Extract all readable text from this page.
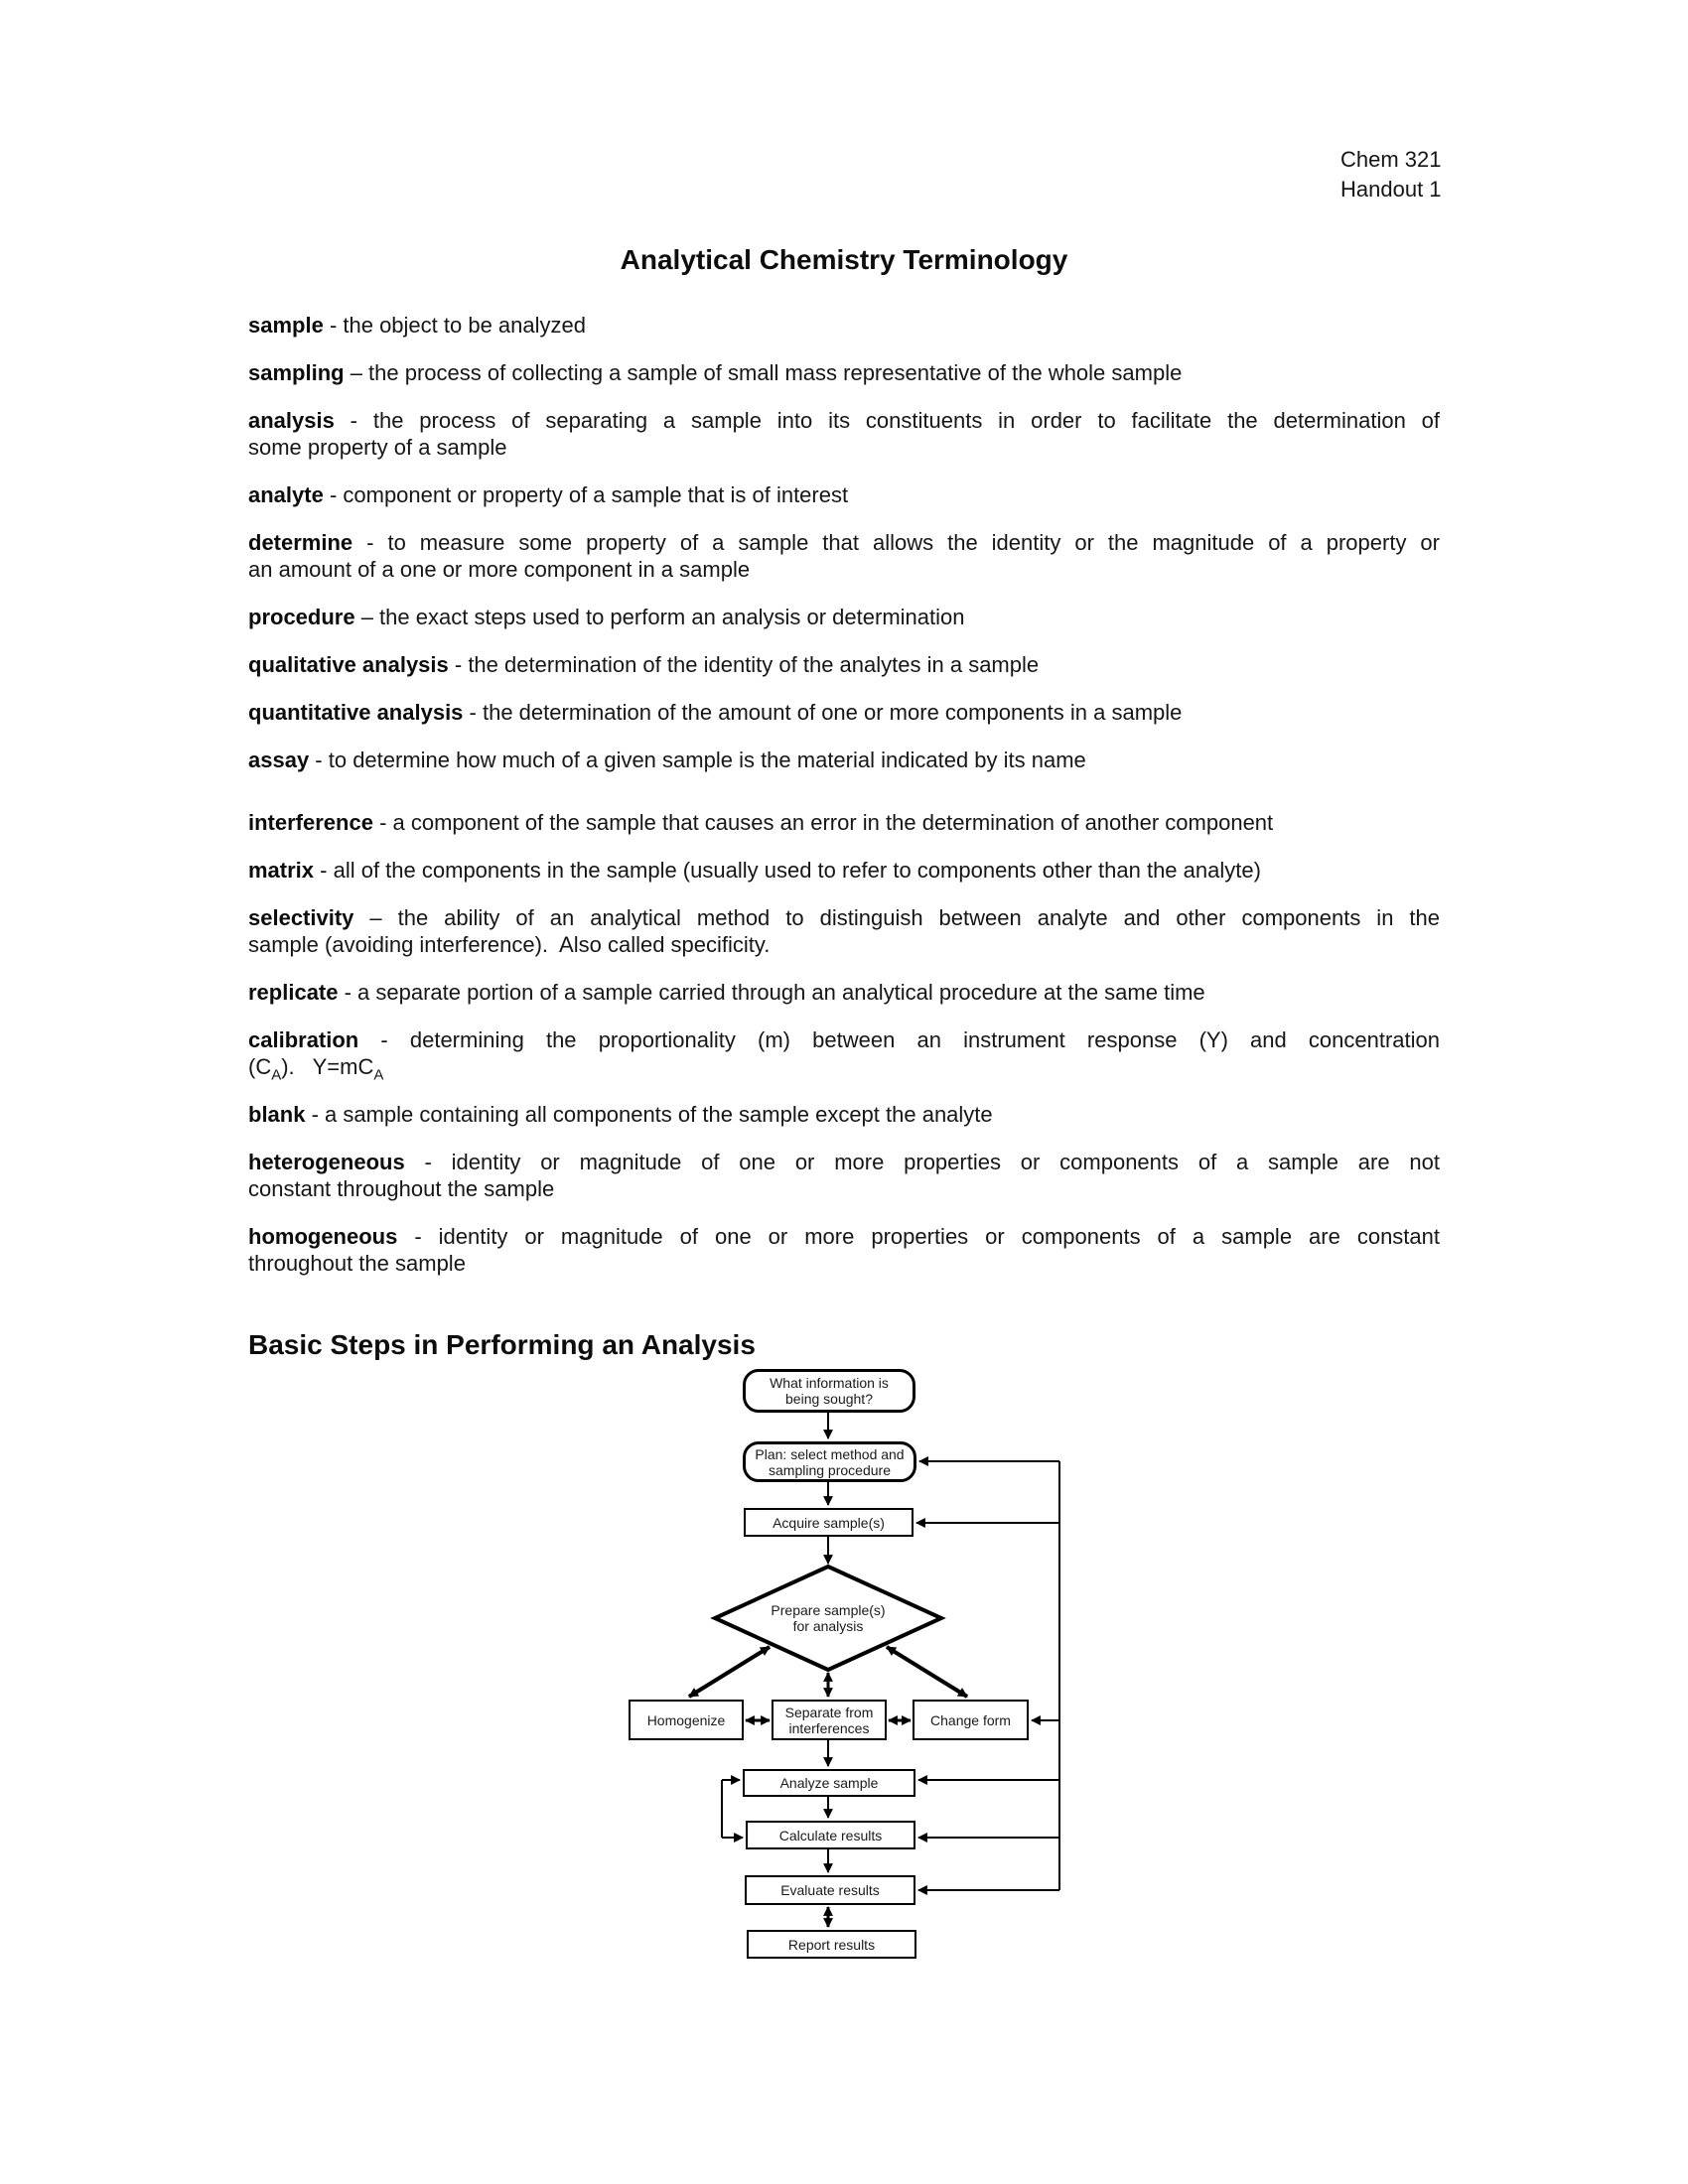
Chem 321
Handout 1
Analytical Chemistry Terminology

sample - the object to be analyzed

sampling – the process of collecting a sample of small mass representative of the whole sample

analysis - the process of separating a sample into its constituents in order to facilitate the determination of
some property of a sample

analyte - component or property of a sample that is of interest

determine - to measure some property of a sample that allows the identity or the magnitude of a property or
an amount of a one or more component in a sample

procedure – the exact steps used to perform an analysis or determination

qualitative analysis - the determination of the identity of the analytes in a sample

quantitative analysis - the determination of the amount of one or more components in a sample

assay - to determine how much of a given sample is the material indicated by its name

interference - a component of the sample that causes an error in the determination of another component

matrix - all of the components in the sample (usually used to refer to components other than the analyte)

selectivity – the ability of an analytical method to distinguish between analyte and other components in the
sample (avoiding interference).  Also called specificity.

replicate - a separate portion of a sample carried through an analytical procedure at the same time

calibration - determining the proportionality (m) between an instrument response (Y) and concentration
$(C_A)$.   $Y=mC_A$

blank - a sample containing all components of the sample except the analyte

heterogeneous - identity or magnitude of one or more properties or components of a sample are not
constant throughout the sample

homogeneous - identity or magnitude of one or more properties or components of a sample are constant
throughout the sample

Basic Steps in Performing an Analysis
What information is
being sought?
Plan: select method and
sampling procedure
Acquire sample(s)
Prepare sample(s)
for analysis
Homogenize	Separate from
interferences	Change form
Analyze sample
Calculate results
Evaluate results
Report results
